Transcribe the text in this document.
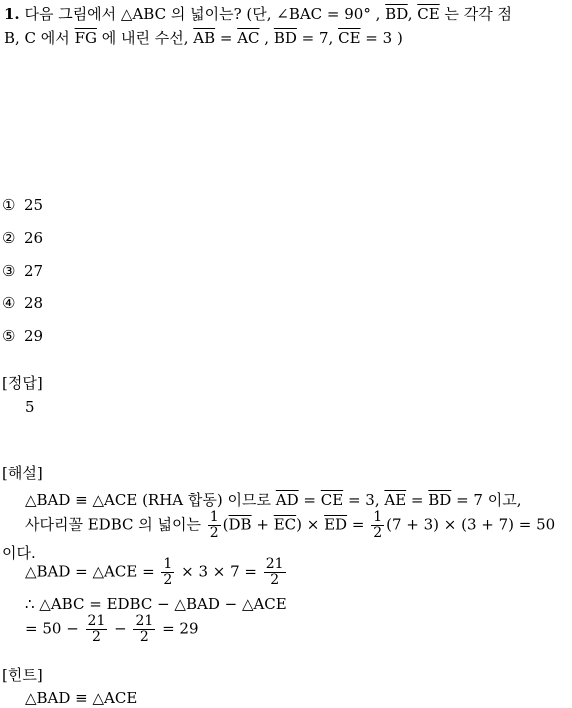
1. 다음 그림에서 △ABC 의 넓이는? (단, ∠BAC = 90° , $\overline{BD}$, $\overline{CE}$ 는 각각 점
B, C 에서 $\overline{FG}$ 에 내린 수선, $\overline{AB} = \overline{AC}$ , $\overline{BD} = 7$, $\overline{CE} = 3$ )
① 25
② 26
③ 27
④ 28
⑤ 29
[정답]
5
[해설]
△BAD ≡ △ACE (RHA 합동) 이므로 $\overline{AD} = \overline{CE} = 3$, $\overline{AE} = \overline{BD} = 7$ 이고,
사다리꼴 EDBC 의 넓이는 $\frac{1}{2} (\overline{DB} + \overline{EC}) \times \overline{ED} = \frac{1}{2} (7 + 3) \times (3 + 7) = 50$
이다.
△BAD = △ACE = $\frac{1}{2} \times 3 \times 7 = \frac{21}{2}$
∴ △ABC = EDBC − △BAD − △ACE
= $50 - \frac{21}{2} - \frac{21}{2} = 29$
[힌트]
△BAD ≡ △ACE
